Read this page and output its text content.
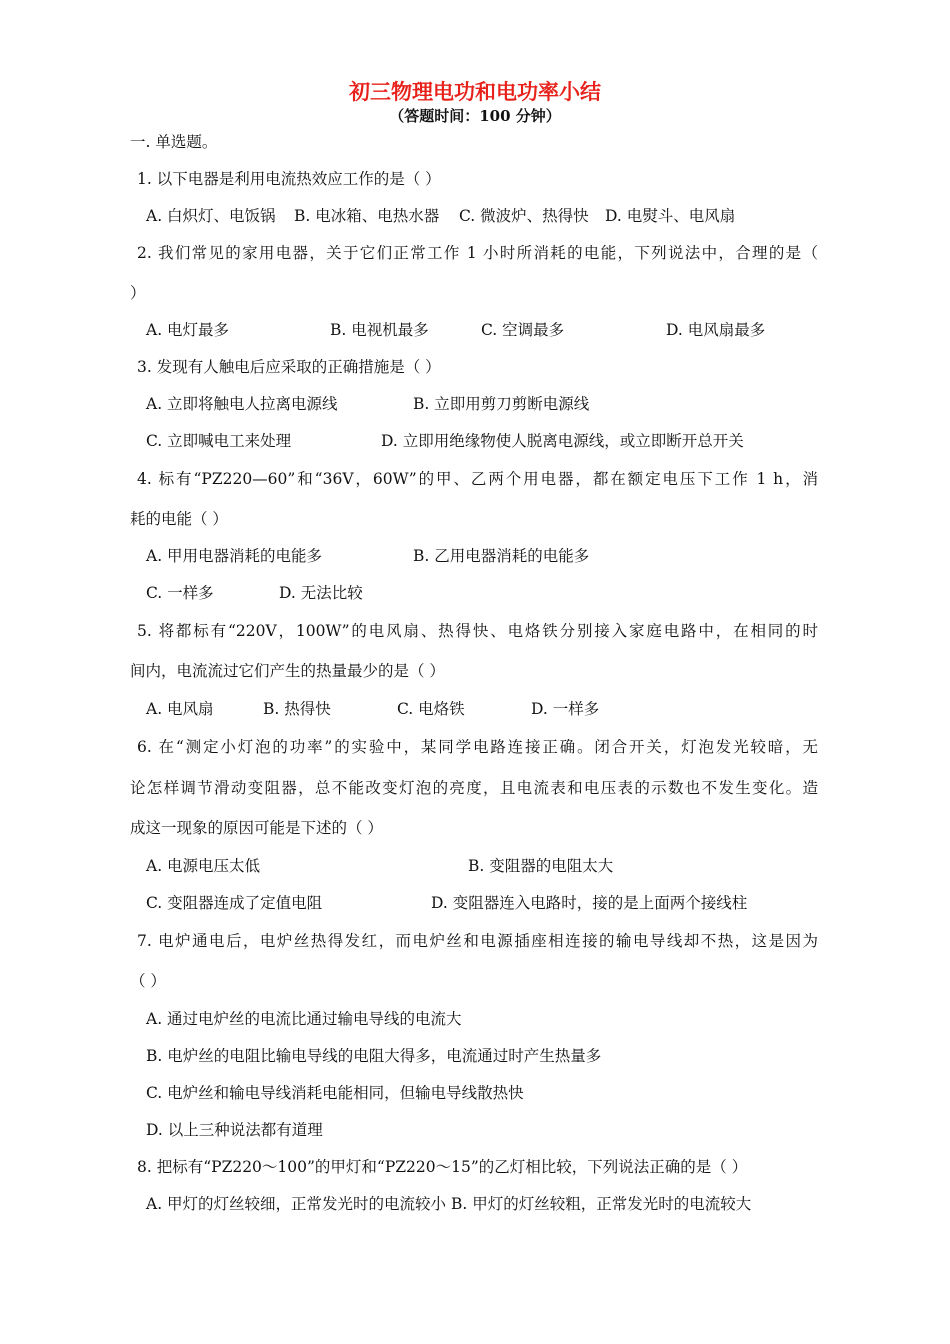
初三物理电功和电功率小结
（答题时间：100 分钟）
一. 单选题。
1. 以下电器是利用电流热效应工作的是（ ）
A. 白炽灯、电饭锅 B. 电冰箱、电热水器 C. 微波炉、热得快 D. 电熨斗、电风扇
2. 我们常见的家用电器，关于它们正常工作 1 小时所消耗的电能，下列说法中，合理的是（
）
A. 电灯最多	B. 电视机最多	C. 空调最多	D. 电风扇最多
3. 发现有人触电后应采取的正确措施是（ ）
A. 立即将触电人拉离电源线	B. 立即用剪刀剪断电源线
C. 立即喊电工来处理	D. 立即用绝缘物使人脱离电源线，或立即断开总开关
4. 标有“PZ220—60”和“36V，60W”的甲、乙两个用电器，都在额定电压下工作 1 h，消
耗的电能（ ）
A. 甲用电器消耗的电能多	B. 乙用电器消耗的电能多
C. 一样多	D. 无法比较
5. 将都标有“220V，100W”的电风扇、热得快、电烙铁分别接入家庭电路中，在相同的时
间内，电流流过它们产生的热量最少的是（ ）
A. 电风扇	B. 热得快	C. 电烙铁	D. 一样多
6. 在“测定小灯泡的功率”的实验中，某同学电路连接正确。闭合开关，灯泡发光较暗，无
论怎样调节滑动变阻器，总不能改变灯泡的亮度，且电流表和电压表的示数也不发生变化。造
成这一现象的原因可能是下述的（ ）
A. 电源电压太低	B. 变阻器的电阻太大
C. 变阻器连成了定值电阻	D. 变阻器连入电路时，接的是上面两个接线柱
7. 电炉通电后，电炉丝热得发红，而电炉丝和电源插座相连接的输电导线却不热，这是因为
（ ）
A. 通过电炉丝的电流比通过输电导线的电流大
B. 电炉丝的电阻比输电导线的电阻大得多，电流通过时产生热量多
C. 电炉丝和输电导线消耗电能相同，但输电导线散热快
D. 以上三种说法都有道理
8. 把标有“PZ220～100”的甲灯和“PZ220～15”的乙灯相比较，下列说法正确的是（ ）
A. 甲灯的灯丝较细，正常发光时的电流较小 B. 甲灯的灯丝较粗，正常发光时的电流较大
